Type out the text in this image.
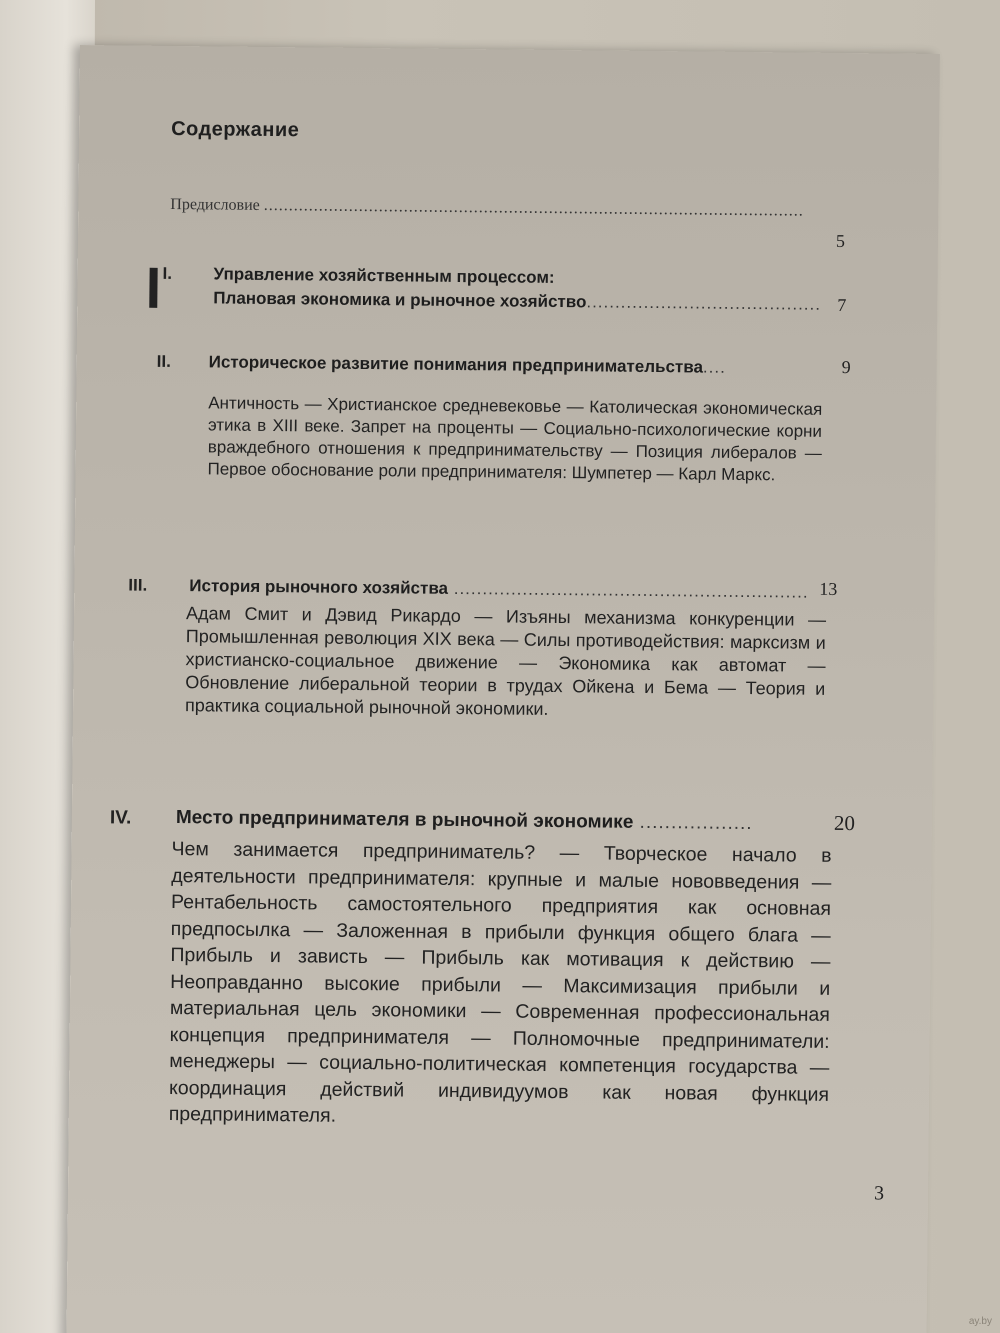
Содержание
Предисловие ............................................................................................................
5
I. Управление хозяйственным процессом:
Плановая экономика и рыночное хозяйство......................................... 7
II. Историческое развитие понимания предпринимательства....	9
Античность — Христианское средневековье — Католическая экономическая этика в XIII веке. Запрет на проценты — Социально-психологические корни враждебного отношения к предпринимательству — Позиция либералов — Первое обоснование роли предпринимателя: Шумпетер — Карл Маркс.
III. История рыночного хозяйства .............................................................. 13
Адам Смит и Дэвид Рикардо — Изъяны механизма конкуренции — Промышленная революция XIX века — Силы противодействия: марксизм и христианско-социальное движение — Экономика как автомат — Обновление либеральной теории в трудах Ойкена и Бема — Теория и практика социальной рыночной экономики.
IV. Место предпринимателя в рыночной экономике ..................	20
Чем занимается предприниматель? — Творческое начало в деятельности предпринимателя: крупные и малые нововведения — Рентабельность самостоятельного предприятия как основная предпосылка — Заложенная в прибыли функция общего блага — Прибыль и зависть — Прибыль как мотивация к действию — Неоправданно высокие прибыли — Максимизация прибыли и материальная цель экономики — Современная профессиональная концепция предпринимателя — Полномочные предприниматели: менеджеры — социально-политическая компетенция государства — координация действий индивидуумов как новая функция предпринимателя.
3
ay.by
